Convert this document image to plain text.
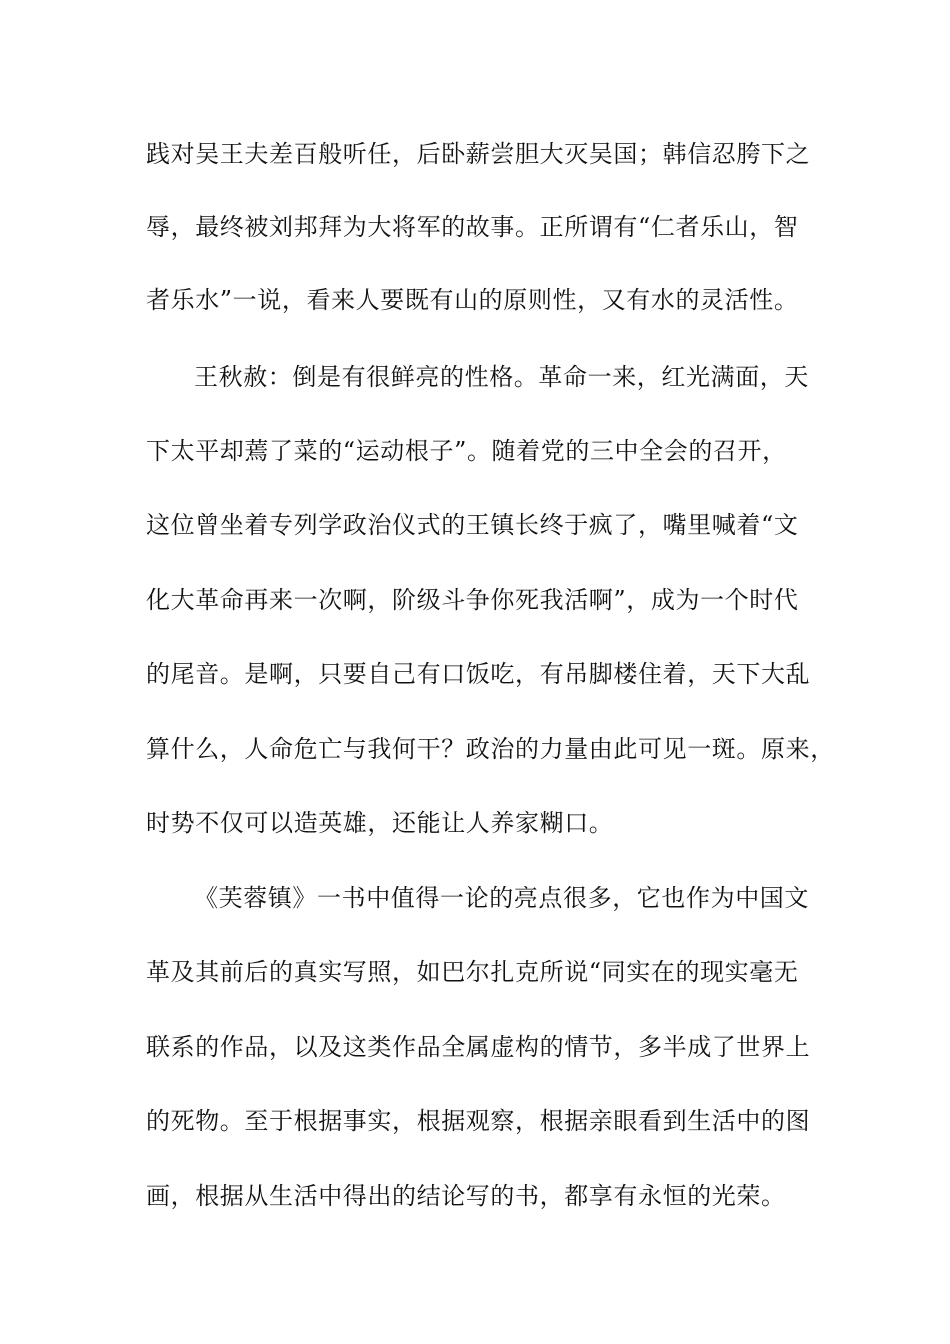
践对吴王夫差百般听任，后卧薪尝胆大灭吴国；韩信忍胯下之
辱，最终被刘邦拜为大将军的故事。正所谓有“仁者乐山，智
者乐水”一说，看来人要既有山的原则性，又有水的灵活性。
王秋赦：倒是有很鲜亮的性格。革命一来，红光满面，天
下太平却蔫了菜的“运动根子”。随着党的三中全会的召开，
这位曾坐着专列学政治仪式的王镇长终于疯了，嘴里喊着“文
化大革命再来一次啊，阶级斗争你死我活啊”，成为一个时代
的尾音。是啊，只要自己有口饭吃，有吊脚楼住着，天下大乱
算什么，人命危亡与我何干？政治的力量由此可见一斑。原来，
时势不仅可以造英雄，还能让人养家糊口。
《芙蓉镇》一书中值得一论的亮点很多，它也作为中国文
革及其前后的真实写照，如巴尔扎克所说“同实在的现实毫无
联系的作品，以及这类作品全属虚构的情节，多半成了世界上
的死物。至于根据事实，根据观察，根据亲眼看到生活中的图
画，根据从生活中得出的结论写的书，都享有永恒的光荣。
